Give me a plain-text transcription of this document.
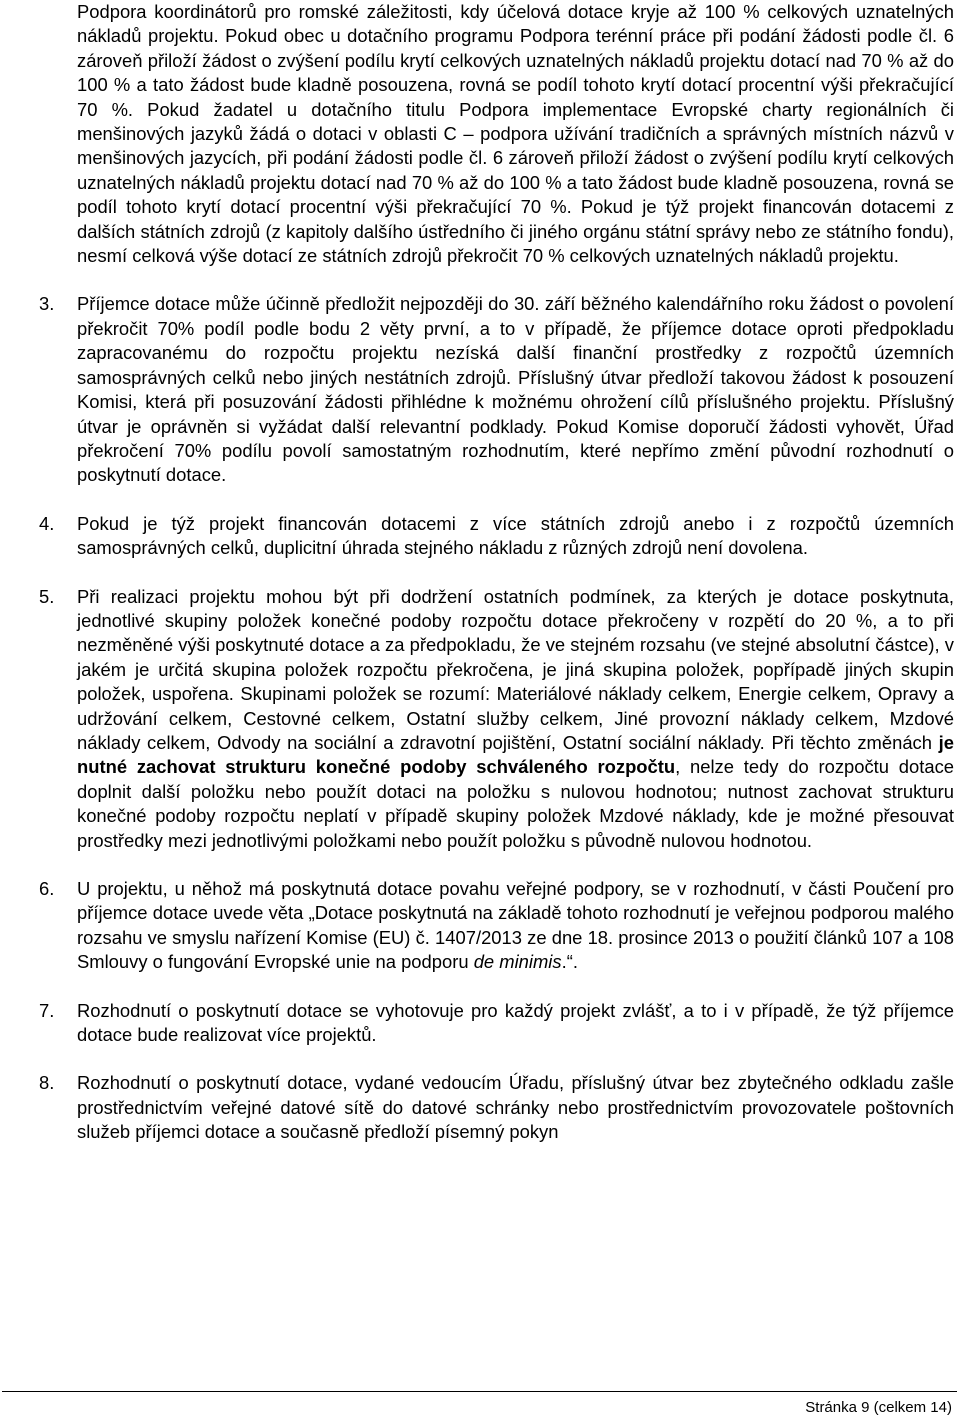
Podpora koordinátorů pro romské záležitosti, kdy účelová dotace kryje až 100 % celkových uznatelných nákladů projektu. Pokud obec u dotačního programu Podpora terénní práce při podání žádosti podle čl. 6 zároveň přiloží žádost o zvýšení podílu krytí celkových uznatelných nákladů projektu dotací nad 70 % až do 100 % a tato žádost bude kladně posouzena, rovná se podíl tohoto krytí dotací procentní výši překračující 70 %. Pokud žadatel u dotačního titulu Podpora implementace Evropské charty regionálních či menšinových jazyků žádá o dotaci v oblasti C – podpora užívání tradičních a správných místních názvů v menšinových jazycích, při podání žádosti podle čl. 6 zároveň přiloží žádost o zvýšení podílu krytí celkových uznatelných nákladů projektu dotací nad 70 % až do 100 % a tato žádost bude kladně posouzena, rovná se podíl tohoto krytí dotací procentní výši překračující 70 %. Pokud je týž projekt financován dotacemi z dalších státních zdrojů (z kapitoly dalšího ústředního či jiného orgánu státní správy nebo ze státního fondu), nesmí celková výše dotací ze státních zdrojů překročit 70 % celkových uznatelných nákladů projektu.

3. Příjemce dotace může účinně předložit nejpozději do 30. září běžného kalendářního roku žádost o povolení překročit 70% podíl podle bodu 2 věty první, a to v případě, že příjemce dotace oproti předpokladu zapracovanému do rozpočtu projektu nezíská další finanční prostředky z rozpočtů územních samosprávných celků nebo jiných nestátních zdrojů. Příslušný útvar předloží takovou žádost k posouzení Komisi, která při posuzování žádosti přihlédne k možnému ohrožení cílů příslušného projektu. Příslušný útvar je oprávněn si vyžádat další relevantní podklady. Pokud Komise doporučí žádosti vyhovět, Úřad překročení 70% podílu povolí samostatným rozhodnutím, které nepřímo změní původní rozhodnutí o poskytnutí dotace.

4. Pokud je týž projekt financován dotacemi z více státních zdrojů anebo i z rozpočtů územních samosprávných celků, duplicitní úhrada stejného nákladu z různých zdrojů není dovolena.

5. Při realizaci projektu mohou být při dodržení ostatních podmínek, za kterých je dotace poskytnuta, jednotlivé skupiny položek konečné podoby rozpočtu dotace překročeny v rozpětí do 20 %, a to při nezměněné výši poskytnuté dotace a za předpokladu, že ve stejném rozsahu (ve stejné absolutní částce), v jakém je určitá skupina položek rozpočtu překročena, je jiná skupina položek, popřípadě jiných skupin položek, uspořena. Skupinami položek se rozumí: Materiálové náklady celkem, Energie celkem, Opravy a udržování celkem, Cestovné celkem, Ostatní služby celkem, Jiné provozní náklady celkem, Mzdové náklady celkem, Odvody na sociální a zdravotní pojištění, Ostatní sociální náklady. Při těchto změnách je nutné zachovat strukturu konečné podoby schváleného rozpočtu, nelze tedy do rozpočtu dotace doplnit další položku nebo použít dotaci na položku s nulovou hodnotou; nutnost zachovat strukturu konečné podoby rozpočtu neplatí v případě skupiny položek Mzdové náklady, kde je možné přesouvat prostředky mezi jednotlivými položkami nebo použít položku s původně nulovou hodnotou.

6. U projektu, u něhož má poskytnutá dotace povahu veřejné podpory, se v rozhodnutí, v části Poučení pro příjemce dotace uvede věta „Dotace poskytnutá na základě tohoto rozhodnutí je veřejnou podporou malého rozsahu ve smyslu nařízení Komise (EU) č. 1407/2013 ze dne 18. prosince 2013 o použití článků 107 a 108 Smlouvy o fungování Evropské unie na podporu de minimis.“.

7. Rozhodnutí o poskytnutí dotace se vyhotovuje pro každý projekt zvlášť, a to i v případě, že týž příjemce dotace bude realizovat více projektů.

8. Rozhodnutí o poskytnutí dotace, vydané vedoucím Úřadu, příslušný útvar bez zbytečného odkladu zašle prostřednictvím veřejné datové sítě do datové schránky nebo prostřednictvím provozovatele poštovních služeb příjemci dotace a současně předloží písemný pokyn

Stránka 9 (celkem 14)
